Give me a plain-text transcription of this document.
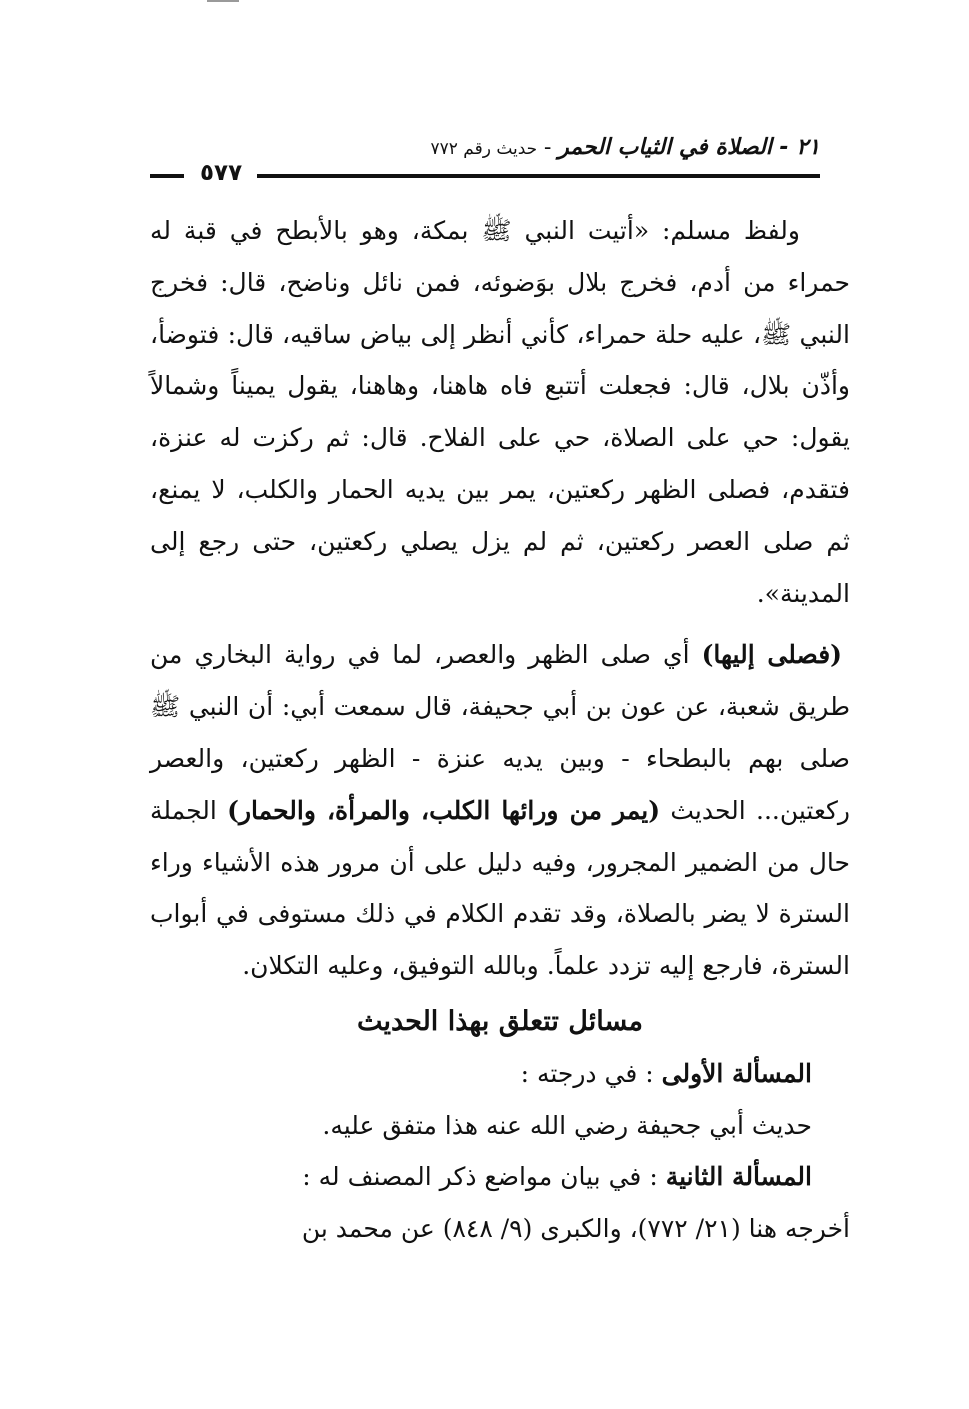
٢١ - الصلاة في الثياب الحمر - حديث رقم ٧٧٢
٥٧٧

ولفظ مسلم: «أتيت النبي ﷺ بمكة، وهو بالأبطح في قبة له حمراء من أدم، فخرج بلال بوَضوئه، فمن نائل وناضح، قال: فخرج النبي ﷺ، عليه حلة حمراء، كأني أنظر إلى بياض ساقيه، قال: فتوضأ، وأذّن بلال، قال: فجعلت أتتبع فاه هاهنا، وهاهنا، يقول يميناً وشمالاً يقول: حي على الصلاة، حي على الفلاح. قال: ثم ركزت له عنزة، فتقدم، فصلى الظهر ركعتين، يمر بين يديه الحمار والكلب، لا يمنع، ثم صلى العصر ركعتين، ثم لم يزل يصلي ركعتين، حتى رجع إلى المدينة».

(فصلى إليها) أي صلى الظهر والعصر، لما في رواية البخاري من طريق شعبة، عن عون بن أبي جحيفة، قال سمعت أبي: أن النبي ﷺ صلى بهم بالبطحاء - وبين يديه عنزة - الظهر ركعتين، والعصر ركعتين... الحديث (يمر من ورائها الكلب، والمرأة، والحمار) الجملة حال من الضمير المجرور، وفيه دليل على أن مرور هذه الأشياء وراء السترة لا يضر بالصلاة، وقد تقدم الكلام في ذلك مستوفى في أبواب السترة، فارجع إليه تزدد علماً. وبالله التوفيق، وعليه التكلان.

مسائل تتعلق بهذا الحديث

المسألة الأولى : في درجته :

حديث أبي جحيفة رضي الله عنه هذا متفق عليه.

المسألة الثانية : في بيان مواضع ذكر المصنف له :

أخرجه هنا (٢١/ ٧٧٢)، والكبرى (٩/ ٨٤٨) عن محمد بن
